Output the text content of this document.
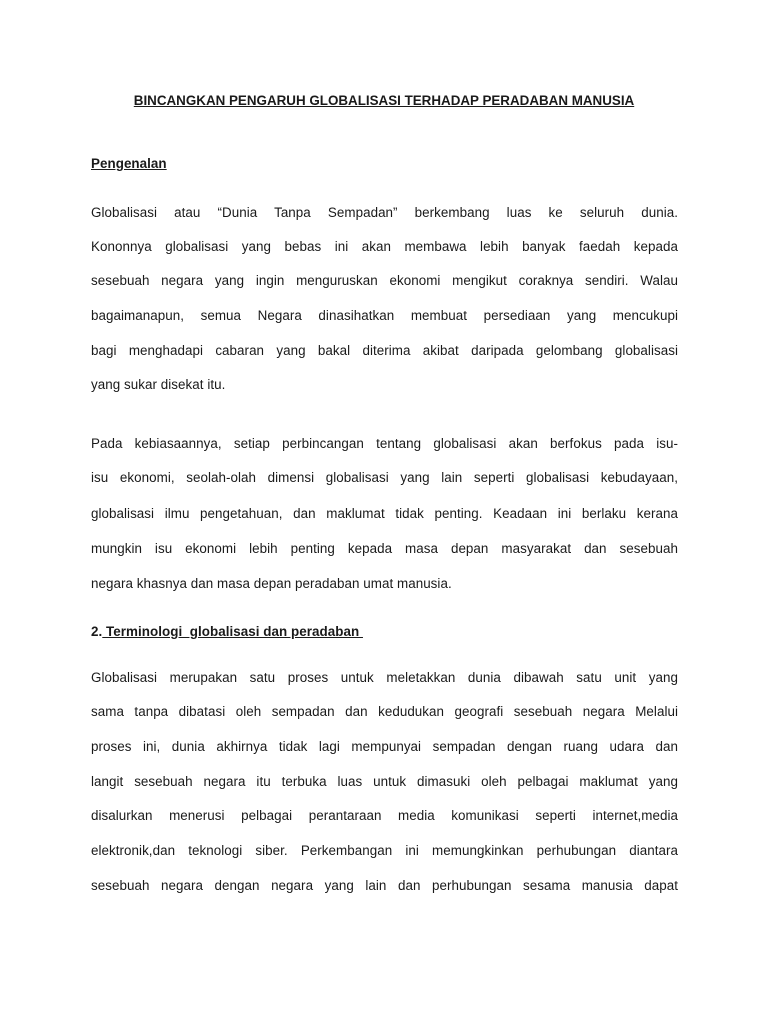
BINCANGKAN PENGARUH GLOBALISASI TERHADAP PERADABAN MANUSIA
Pengenalan
Globalisasi atau “Dunia Tanpa Sempadan” berkembang luas ke seluruh dunia.
Kononnya globalisasi yang bebas ini akan membawa lebih banyak faedah kepada
sesebuah negara yang ingin menguruskan ekonomi mengikut coraknya sendiri. Walau
bagaimanapun, semua Negara dinasihatkan membuat persediaan yang mencukupi
bagi menghadapi cabaran yang bakal diterima akibat daripada gelombang globalisasi
yang sukar disekat itu.
Pada kebiasaannya, setiap perbincangan tentang globalisasi akan berfokus pada isu-
isu ekonomi, seolah-olah dimensi globalisasi yang lain seperti globalisasi kebudayaan,
globalisasi ilmu pengetahuan, dan maklumat tidak penting. Keadaan ini berlaku kerana
mungkin isu ekonomi lebih penting kepada masa depan masyarakat dan sesebuah
negara khasnya dan masa depan peradaban umat manusia.
2. Terminologi  globalisasi dan peradaban
Globalisasi merupakan satu proses untuk meletakkan dunia dibawah satu unit yang
sama tanpa dibatasi oleh sempadan dan kedudukan geografi sesebuah negara Melalui
proses ini, dunia akhirnya tidak lagi mempunyai sempadan dengan ruang udara dan
langit sesebuah negara itu terbuka luas untuk dimasuki oleh pelbagai maklumat yang
disalurkan menerusi pelbagai perantaraan media komunikasi seperti internet,media
elektronik,dan teknologi siber. Perkembangan ini memungkinkan perhubungan diantara
sesebuah negara dengan negara yang lain dan perhubungan sesama manusia dapat
